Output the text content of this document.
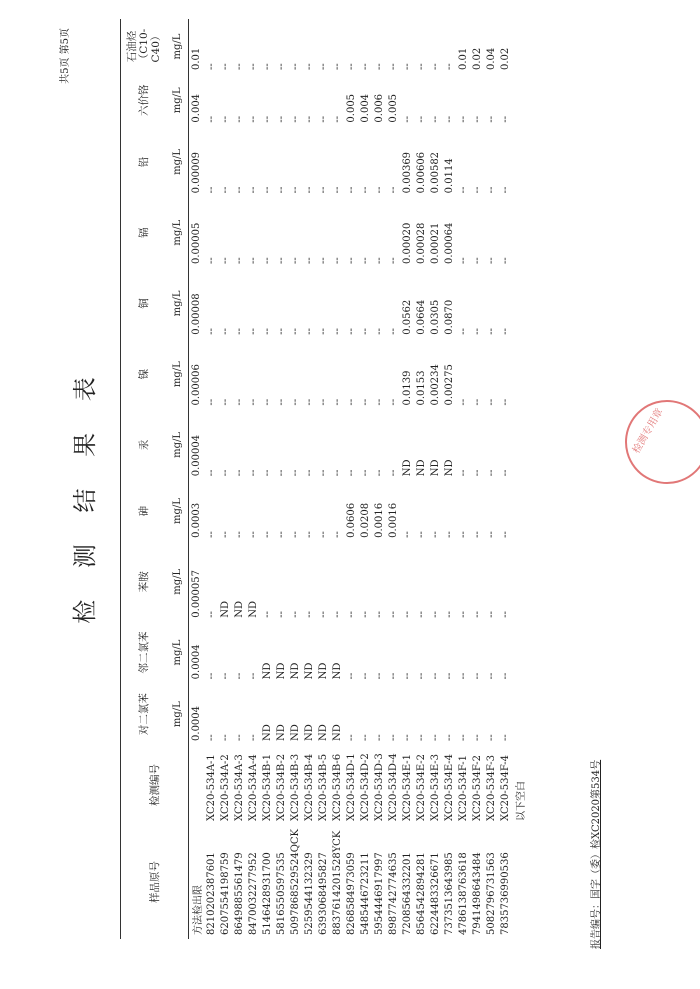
共5页 第5页
检 测 结 果 表
样品原号	检测编号	对二氯苯	邻二氯苯	苯胺	砷	汞	镍	铜	镉	铅	六价铬	石油烃（C10-C40）
		mg/L	mg/L	mg/L	mg/L	mg/L	mg/L	mg/L	mg/L	mg/L	mg/L	mg/L
方法检出限		0.0004	0.0004	0.000057	0.0003	0.00004	0.00006	0.00008	0.00005	0.00009	0.004	0.01
8210202387601	XC20-534A-1	--	--	--	--	--	--	--	--	--	--	--
6207554198759	XC20-534A-2	--	--	ND	--	--	--	--	--	--	--	--
8649885561479	XC20-534A-3	--	--	ND	--	--	--	--	--	--	--	--
8470032277952	XC20-534A-4	--	--	ND	--	--	--	--	--	--	--	--
5146428931700	XC20-534B-1	ND	ND	--	--	--	--	--	--	--	--	--
5816550597535	XC20-534B-2	ND	ND	--	--	--	--	--	--	--	--	--
5097868529524QCK	XC20-534B-3	ND	ND	--	--	--	--	--	--	--	--	--
5259544132329	XC20-534B-4	ND	ND	--	--	--	--	--	--	--	--	--
6393068495827	XC20-534B-5	ND	ND	--	--	--	--	--	--	--	--	--
8837614201528YCK	XC20-534B-6	ND	ND	--	--	--	--	--	--	--	--	--
8268584973059	XC20-534D-1	--	--	--	0.0606	--	--	--	--	--	0.005	--
5485446723211	XC20-534D-2	--	--	--	0.0208	--	--	--	--	--	0.004	--
5954446917997	XC20-534D-3	--	--	--	0.0016	--	--	--	--	--	0.006	--
8987742774635	XC20-534D-4	--	--	--	0.0016	--	--	--	--	--	0.005	--
7208564332201	XC20-534E-1	--	--	--	--	ND	0.0139	0.0562	0.00020	0.00369	--	--
8564542894281	XC20-534E-2	--	--	--	--	ND	0.0153	0.0664	0.00028	0.00606	--	--
6224483326671	XC20-534E-3	--	--	--	--	ND	0.00234	0.0305	0.00021	0.00582	--	--
7373513643985	XC20-534E-4	--	--	--	--	ND	0.00275	0.0870	0.00064	0.0114	--	--
4786138763618	XC20-534F-1	--	--	--	--	--	--	--	--	--	--	0.01
7941498643484	XC20-534F-2	--	--	--	--	--	--	--	--	--	--	0.02
5082796731563	XC20-534F-3	--	--	--	--	--	--	--	--	--	--	0.04
7835736990536	XC20-534F-4	--	--	--	--	--	--	--	--	--	--	0.02
	以下空白												报告编号：国字（委）检XC2020第534号
检测专用章
